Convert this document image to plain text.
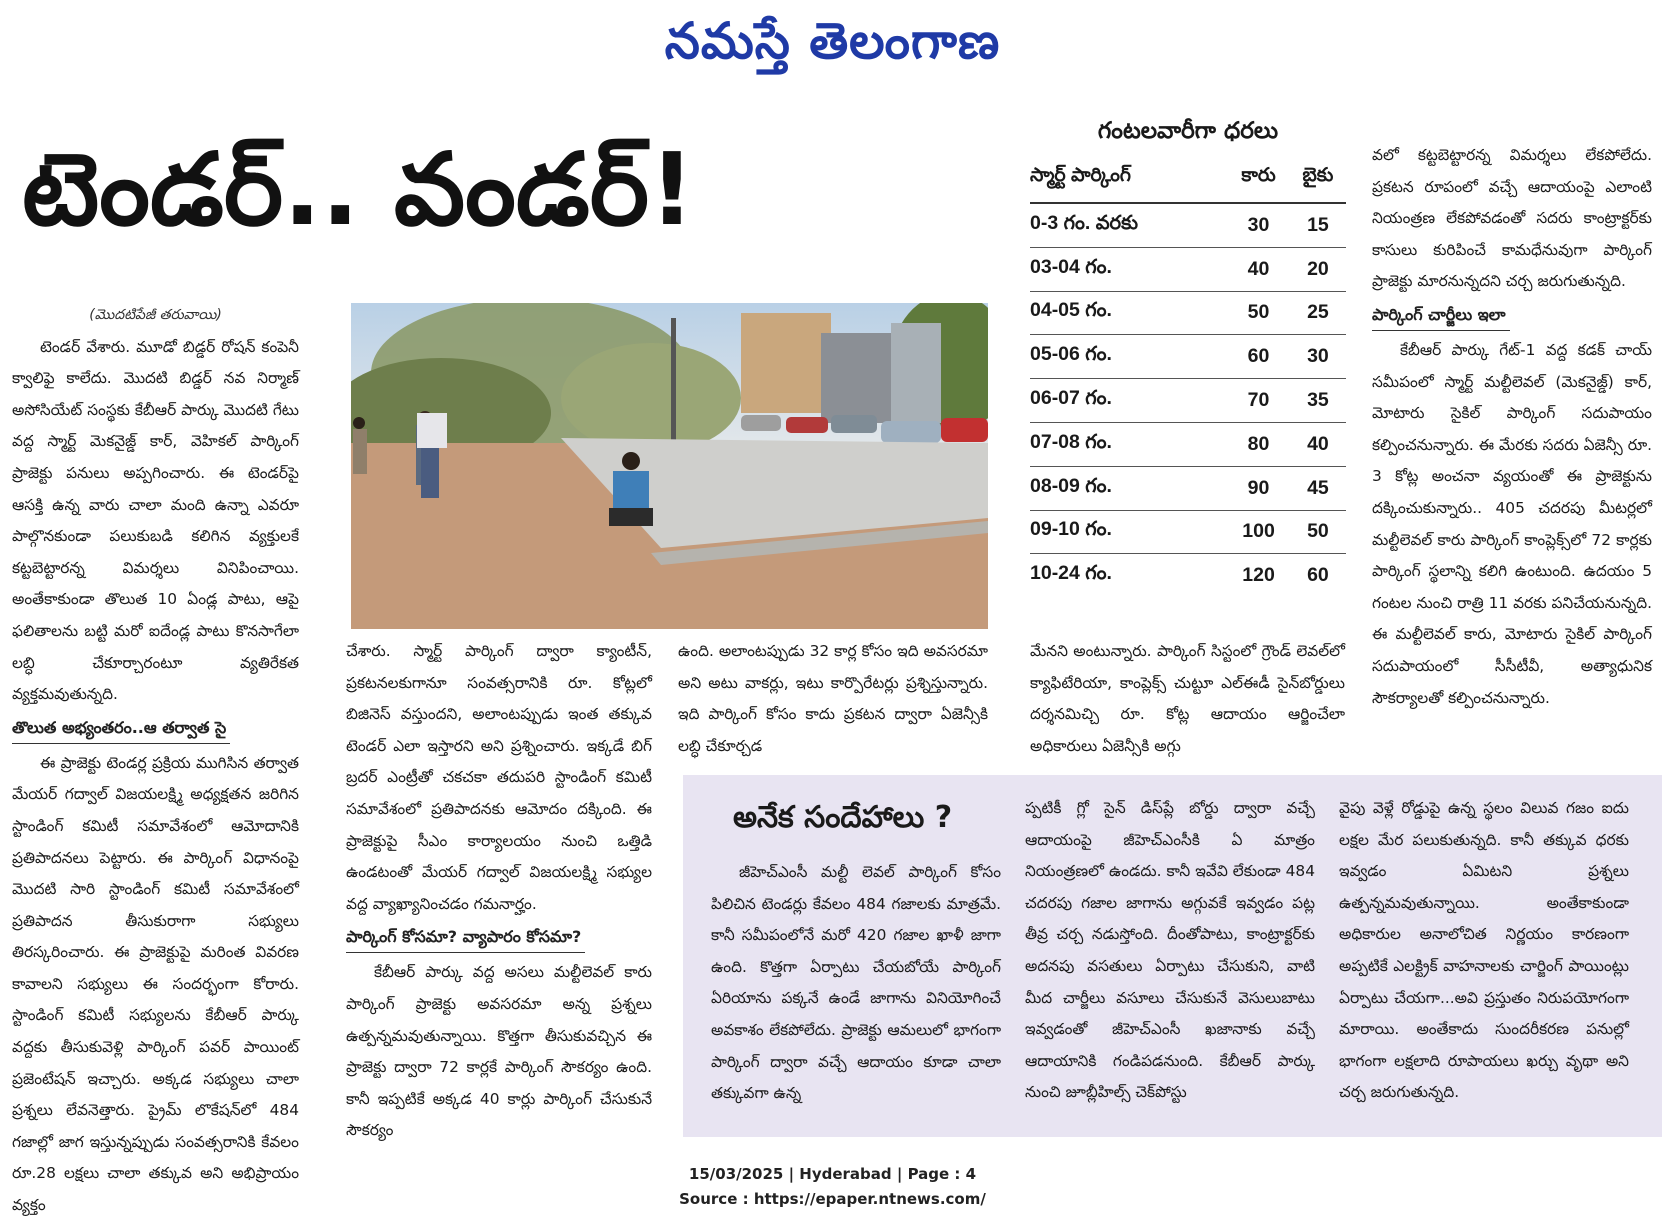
నమస్తే తెలంగాణ
టెండర్.. వండర్!
(మొదటిపేజీ తరువాయి)

టెండర్ వేశారు. మూడో బిడ్డర్ రోషన్ కంపెనీ క్వాలిఫై కాలేదు. మొదటి బిడ్డర్ నవ నిర్మాణ్ అసోసియేట్ సంస్థకు కేబీఆర్ పార్కు మొదటి గేటు వద్ద స్మార్ట్ మెకనైజ్డ్ కార్, వెహికల్ పార్కింగ్ ప్రాజెక్టు పనులు అప్పగించారు. ఈ టెండర్‌పై ఆసక్తి ఉన్న వారు చాలా మంది ఉన్నా ఎవరూ పాల్గొనకుండా పలుకుబడి కలిగిన వ్యక్తులకే కట్టబెట్టారన్న విమర్శలు వినిపించాయి. అంతేకాకుండా తొలుత 10 ఏండ్ల పాటు, ఆపై ఫలితాలను బట్టి మరో ఐదేండ్ల పాటు కొనసాగేలా లబ్ధి చేకూర్చారంటూ వ్యతిరేకత వ్యక్తమవుతున్నది.

తొలుత అభ్యంతరం..ఆ తర్వాత సై

ఈ ప్రాజెక్టు టెండర్ల ప్రక్రియ ముగిసిన తర్వాత మేయర్ గద్వాల్ విజయలక్ష్మి అధ్యక్షతన జరిగిన స్టాండింగ్ కమిటీ సమావేశంలో ఆమోదానికి ప్రతిపాదనలు పెట్టారు. ఈ పార్కింగ్ విధానంపై మొదటి సారి స్టాండింగ్ కమిటీ సమావేశంలో ప్రతిపాదన తీసుకురాగా సభ్యులు తిరస్కరించారు. ఈ ప్రాజెక్టుపై మరింత వివరణ కావాలని సభ్యులు ఈ సందర్భంగా కోరారు. స్టాండింగ్ కమిటీ సభ్యులను కేబీఆర్ పార్కు వద్దకు తీసుకువెళ్లి పార్కింగ్ పవర్ పాయింట్ ప్రజెంటేషన్ ఇచ్చారు. అక్కడ సభ్యులు చాలా ప్రశ్నలు లేవనెత్తారు. ప్రైమ్ లొకేషన్‌లో 484 గజాల్లో జాగ ఇస్తున్నప్పుడు సంవత్సరానికి కేవలం రూ.28 లక్షలు చాలా తక్కువ అని అభిప్రాయం వ్యక్తం

చేశారు. స్మార్ట్ పార్కింగ్ ద్వారా క్యాంటీన్, ప్రకటనలకుగానూ సంవత్సరానికి రూ. కోట్లలో బిజినెస్ వస్తుందని, అలాంటప్పుడు ఇంత తక్కువ టెండర్ ఎలా ఇస్తారని అని ప్రశ్నించారు. ఇక్కడే బిగ్ బ్రదర్ ఎంట్రీతో చకచకా తదుపరి స్టాండింగ్ కమిటీ సమావేశంలో ప్రతిపాదనకు ఆమోదం దక్కింది. ఈ ప్రాజెక్టుపై సీఎం కార్యాలయం నుంచి ఒత్తిడి ఉండటంతో మేయర్ గద్వాల్ విజయలక్ష్మి సభ్యుల వద్ద వ్యాఖ్యానించడం గమనార్హం.

పార్కింగ్ కోసమా? వ్యాపారం కోసమా?

కేబీఆర్ పార్కు వద్ద అసలు మల్టీలెవల్ కారు పార్కింగ్ ప్రాజెక్టు అవసరమా అన్న ప్రశ్నలు ఉత్పన్నమవుతున్నాయి. కొత్తగా తీసుకువచ్చిన ఈ ప్రాజెక్టు ద్వారా 72 కార్లకే పార్కింగ్ సౌకర్యం ఉంది. కానీ ఇప్పటికే అక్కడ 40 కార్లు పార్కింగ్ చేసుకునే సౌకర్యం

ఉంది. అలాంటప్పుడు 32 కార్ల కోసం ఇది అవసరమా అని అటు వాకర్లు, ఇటు కార్పొరేటర్లు ప్రశ్నిస్తున్నారు. ఇది పార్కింగ్ కోసం కాదు ప్రకటన ద్వారా ఏజెన్సీకి లబ్ధి చేకూర్చడ

మేనని అంటున్నారు. పార్కింగ్ సిస్టంలో గ్రౌండ్ లెవల్‌లో క్యాఫిటేరియా, కాంప్లెక్స్ చుట్టూ ఎల్ఈడీ సైన్‌బోర్డులు దర్శనమిచ్చి రూ. కోట్ల ఆదాయం ఆర్జించేలా అధికారులు ఏజెన్సీకి అగ్గు

గంటలవారీగా ధరలు
స్మార్ట్ పార్కింగ్	కారు	బైకు
0-3 గం. వరకు	30	15
03-04 గం.	40	20
04-05 గం.	50	25
05-06 గం.	60	30
06-07 గం.	70	35
07-08 గం.	80	40
08-09 గం.	90	45
09-10 గం.	100	50
10-24 గం.	120	60

వలో కట్టబెట్టారన్న విమర్శలు లేకపోలేదు. ప్రకటన రూపంలో వచ్చే ఆదాయంపై ఎలాంటి నియంత్రణ లేకపోవడంతో సదరు కాంట్రాక్టర్‌కు కాసులు కురిపించే కామధేనువుగా పార్కింగ్ ప్రాజెక్టు మారనున్నదని చర్చ జరుగుతున్నది.

పార్కింగ్ చార్జీలు ఇలా

కేబీఆర్ పార్కు గేట్-1 వద్ద కడక్ చాయ్ సమీపంలో స్మార్ట్ మల్టీలెవల్ (మెకనైజ్డ్) కార్, మోటారు సైకిల్ పార్కింగ్ సదుపాయం కల్పించనున్నారు. ఈ మేరకు సదరు ఏజెన్సీ రూ. 3 కోట్ల అంచనా వ్యయంతో ఈ ప్రాజెక్టును దక్కించుకున్నారు.. 405 చదరపు మీటర్లలో మల్టీలెవల్ కారు పార్కింగ్ కాంప్లెక్స్‌లో 72 కార్లకు పార్కింగ్ స్థలాన్ని కలిగి ఉంటుంది. ఉదయం 5 గంటల నుంచి రాత్రి 11 వరకు పనిచేయనున్నది. ఈ మల్టీలెవల్ కారు, మోటారు సైకిల్ పార్కింగ్ సదుపాయంలో సీసీటీవీ, అత్యాధునిక సౌకర్యాలతో కల్పించనున్నారు.

అనేక సందేహాలు ?

జీహెచ్ఎంసీ మల్టీ లెవల్ పార్కింగ్ కోసం పిలిచిన టెండర్లు కేవలం 484 గజాలకు మాత్రమే. కానీ సమీపంలోనే మరో 420 గజాల ఖాళీ జాగా ఉంది. కొత్తగా ఏర్పాటు చేయబోయే పార్కింగ్ ఏరియాను పక్కనే ఉండే జాగాను వినియోగించే అవకాశం లేకపోలేదు. ప్రాజెక్టు ఆమలులో భాగంగా పార్కింగ్ ద్వారా వచ్చే ఆదాయం కూడా చాలా తక్కువగా ఉన్న

ప్పటికీ గ్లో సైన్ డిస్‌ప్లే బోర్డు ద్వారా వచ్చే ఆదాయంపై జీహెచ్ఎంసీకి ఏ మాత్రం నియంత్రణలో ఉండదు. కానీ ఇవేవి లేకుండా 484 చదరపు గజాల జాగాను అగ్గువకే ఇవ్వడం పట్ల తీవ్ర చర్చ నడుస్తోంది. దీంతోపాటు, కాంట్రాక్టర్‌కు అదనపు వసతులు ఏర్పాటు చేసుకుని, వాటి మీద చార్జీలు వసూలు చేసుకునే వెసులుబాటు ఇవ్వడంతో జీహెచ్ఎంసీ ఖజానాకు వచ్చే ఆదాయానికి గండిపడనుంది. కేబీఆర్ పార్కు నుంచి జూబ్లీహిల్స్ చెక్‌పోస్టు

వైపు వెళ్లే రోడ్డుపై ఉన్న స్థలం విలువ గజం ఐదు లక్షల మేర పలుకుతున్నది. కానీ తక్కువ ధరకు ఇవ్వడం ఏమిటని ప్రశ్నలు ఉత్పన్నమవుతున్నాయి. అంతేకాకుండా అధికారుల అనాలోచిత నిర్ణయం కారణంగా అప్పటికే ఎలక్ట్రిక్ వాహనాలకు చార్జింగ్ పాయింట్లు ఏర్పాటు చేయగా...అవి ప్రస్తుతం నిరుపయోగంగా మారాయి. అంతేకాదు సుందరీకరణ పనుల్లో భాగంగా లక్షలాది రూపాయలు ఖర్చు వృథా అని చర్చ జరుగుతున్నది.

15/03/2025 | Hyderabad | Page : 4
Source : https://epaper.ntnews.com/
